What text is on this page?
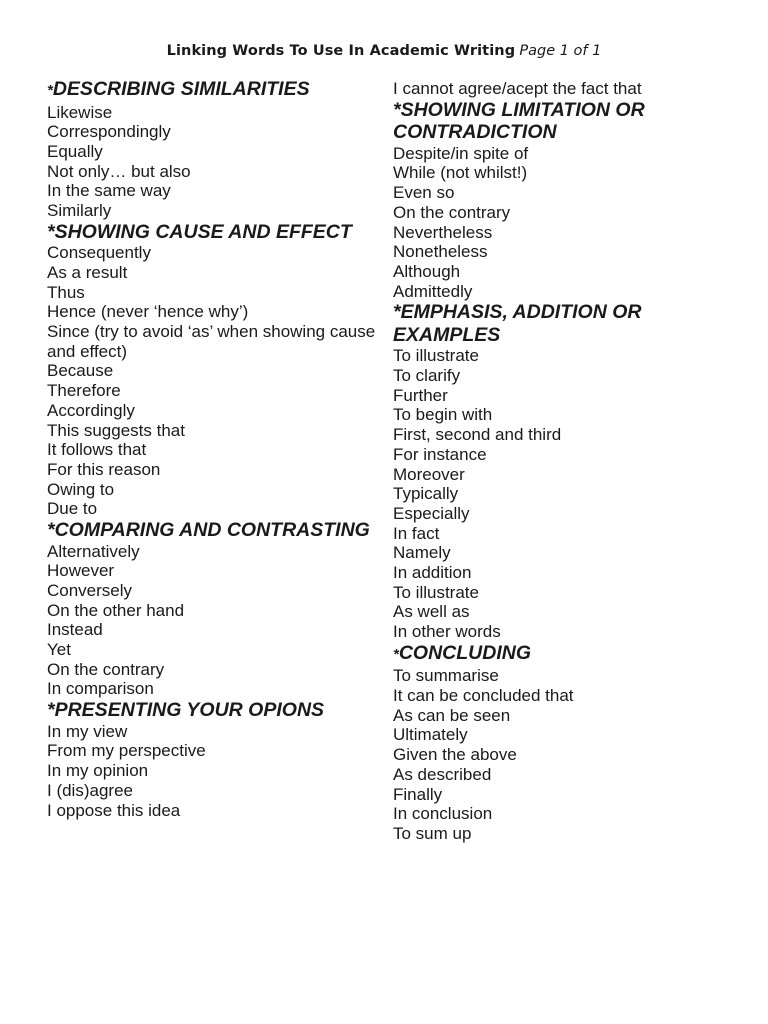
Linking Words To Use In Academic Writing Page 1 of 1
*DESCRIBING SIMILARITIES
Likewise
Correspondingly
Equally
Not only… but also
In the same way
Similarly
*SHOWING CAUSE AND EFFECT
Consequently
As a result
Thus
Hence (never ‘hence why’)
Since (try to avoid ‘as’ when showing cause and effect)
Because
Therefore
Accordingly
This suggests that
It follows that
For this reason
Owing to
Due to
*COMPARING AND CONTRASTING
Alternatively
However
Conversely
On the other hand
Instead
Yet
On the contrary
In comparison
*PRESENTING YOUR OPIONS
In my view
From my perspective
In my opinion
I (dis)agree
I oppose this idea
I cannot agree/acept the fact that
*SHOWING LIMITATION OR CONTRADICTION
Despite/in spite of
While (not whilst!)
Even so
On the contrary
Nevertheless
Nonetheless
Although
Admittedly
*EMPHASIS, ADDITION OR EXAMPLES
To illustrate
To clarify
Further
To begin with
First, second and third
For instance
Moreover
Typically
Especially
In fact
Namely
In addition
To illustrate
As well as
In other words
*CONCLUDING
To summarise
It can be concluded that
As can be seen
Ultimately
Given the above
As described
Finally
In conclusion
To sum up
